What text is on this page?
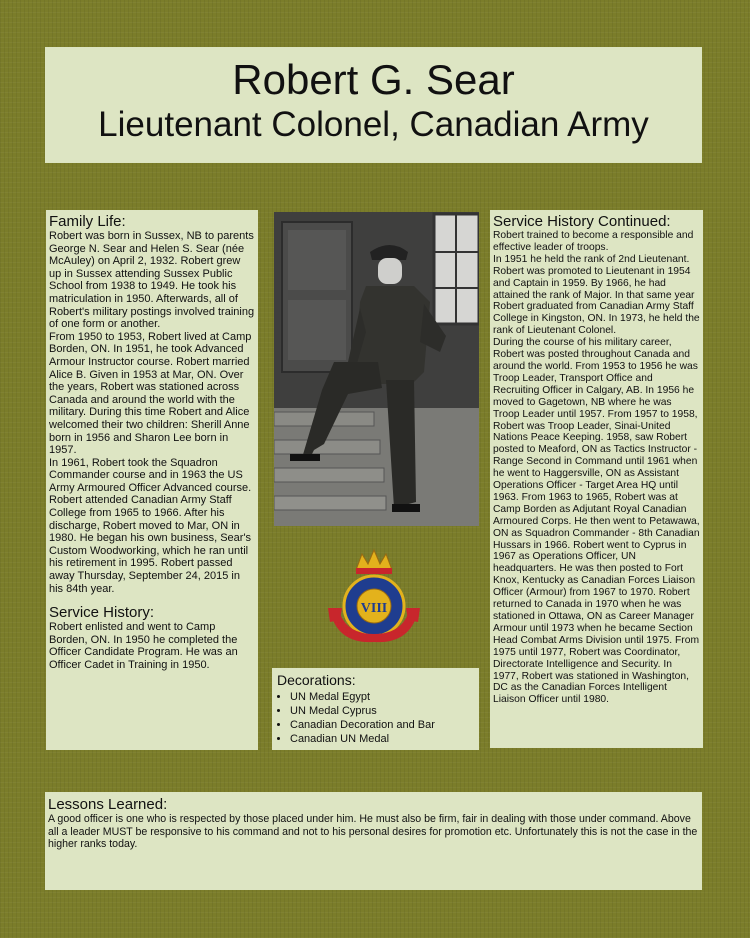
Robert G. Sear
Lieutenant Colonel, Canadian Army
Family Life:
Robert was born in Sussex, NB to parents George N. Sear and Helen S. Sear (née McAuley) on April 2, 1932. Robert grew up in Sussex attending Sussex Public School from 1938 to 1949. He took his matriculation in 1950. Afterwards, all of Robert's military postings involved training of one form or another.
From 1950 to 1953, Robert lived at Camp Borden, ON. In 1951, he took Advanced Armour Instructor course. Robert married Alice B. Given in 1953 at Mar, ON. Over the years, Robert was stationed across Canada and around the world with the military. During this time Robert and Alice welcomed their two children: Sherill Anne born in 1956 and Sharon Lee born in 1957.
In 1961, Robert took the Squadron Commander course and in 1963 the US Army Armoured Officer Advanced course. Robert attended Canadian Army Staff College from 1965 to 1966. After his discharge, Robert moved to Mar, ON in 1980. He began his own business, Sear's Custom Woodworking, which he ran until his retirement in 1995. Robert passed away Thursday, September 24, 2015 in his 84th year.
Service History:
Robert enlisted and went to Camp Borden, ON. In 1950 he completed the Officer Candidate Program. He was an Officer Cadet in Training in 1950.
VIII
Decorations:
• UN Medal Egypt
• UN Medal Cyprus
• Canadian Decoration and Bar
• Canadian UN Medal
Service History Continued:
Robert trained to become a responsible and effective leader of troops.
In 1951 he held the rank of 2nd Lieutenant. Robert was promoted to Lieutenant in 1954 and Captain in 1959. By 1966, he had attained the rank of Major. In that same year Robert graduated from Canadian Army Staff College in Kingston, ON. In 1973, he held the rank of Lieutenant Colonel.
During the course of his military career, Robert was posted throughout Canada and around the world. From 1953 to 1956 he was Troop Leader, Transport Office and Recruiting Officer in Calgary, AB. In 1956 he moved to Gagetown, NB where he was Troop Leader until 1957. From 1957 to 1958, Robert was Troop Leader, Sinai-United Nations Peace Keeping. 1958, saw Robert posted to Meaford, ON as Tactics Instructor - Range Second in Command until 1961 when he went to Haggersville, ON as Assistant Operations Officer - Target Area HQ until 1963. From 1963 to 1965, Robert was at Camp Borden as Adjutant Royal Canadian Armoured Corps. He then went to Petawawa, ON as Squadron Commander - 8th Canadian Hussars in 1966. Robert went to Cyprus in 1967 as Operations Officer, UN headquarters. He was then posted to Fort Knox, Kentucky as Canadian Forces Liaison Officer (Armour) from 1967 to 1970. Robert returned to Canada in 1970 when he was stationed in Ottawa, ON as Career Manager Armour until 1973 when he became Section Head Combat Arms Division until 1975. From 1975 until 1977, Robert was Coordinator, Directorate Intelligence and Security. In 1977, Robert was stationed in Washington, DC as the Canadian Forces Intelligent Liaison Officer until 1980.
Lessons Learned:
A good officer is one who is respected by those placed under him. He must also be firm, fair in dealing with those under command. Above all a leader MUST be responsive to his command and not to his personal desires for promotion etc. Unfortunately this is not the case in the higher ranks today.
